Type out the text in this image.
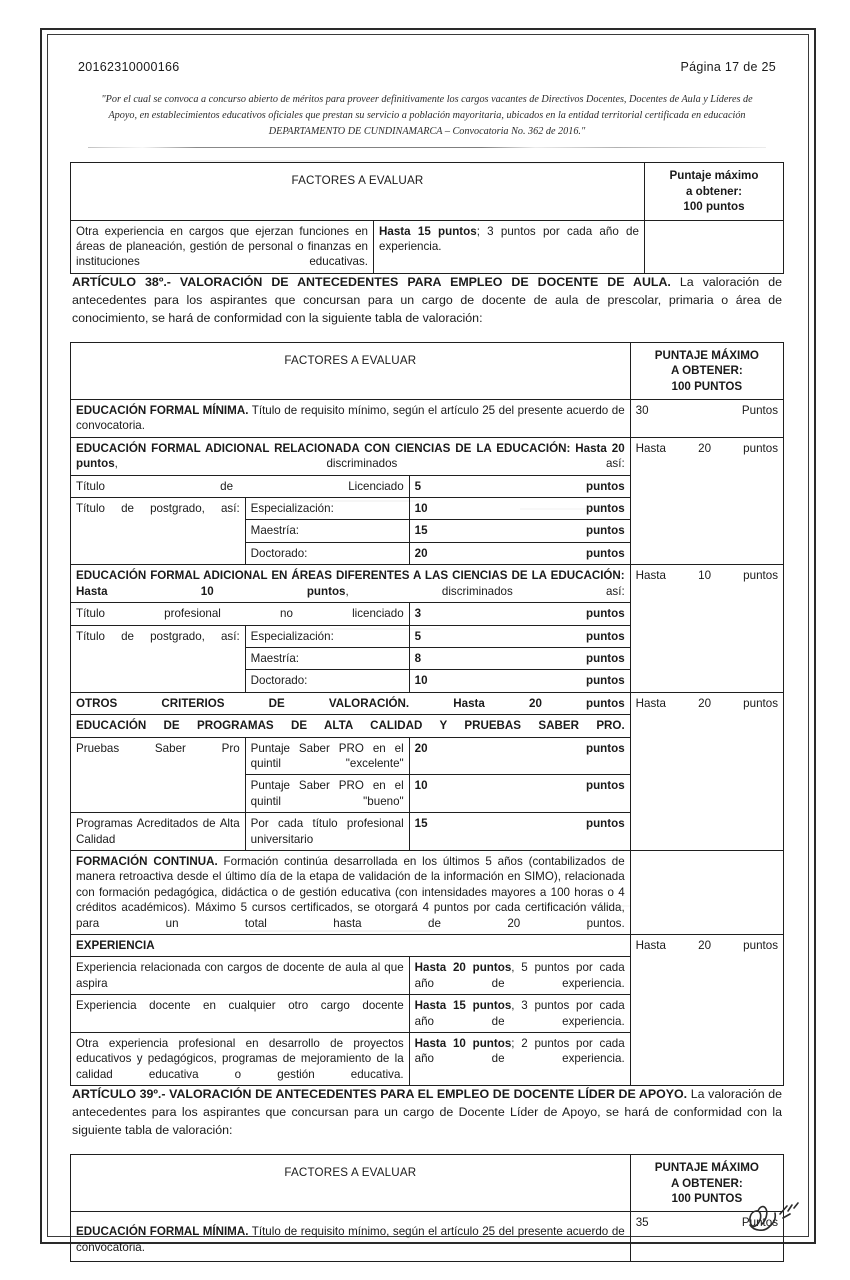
20162310000166	Página 17 de 25
"Por el cual se convoca a concurso abierto de méritos para proveer definitivamente los cargos vacantes de Directivos Docentes, Docentes de Aula y Líderes de Apoyo, en establecimientos educativos oficiales que prestan su servicio a población mayoritaria, ubicados en la entidad territorial certificada en educación DEPARTAMENTO DE CUNDINAMARCA – Convocatoria No. 362 de 2016."
FACTORES A EVALUAR		Puntaje máximo
a obtener:
100 puntos

Otra experiencia en cargos que ejerzan funciones en áreas de planeación, gestión de personal o finanzas en instituciones educativas.	Hasta 15 puntos; 3 puntos por cada año de experiencia.	

ARTÍCULO 38º.- VALORACIÓN DE ANTECEDENTES PARA EMPLEO DE DOCENTE DE AULA. La valoración de antecedentes para los aspirantes que concursan para un cargo de docente de aula de prescolar, primaria o área de conocimiento, se hará de conformidad con la siguiente tabla de valoración:

FACTORES A EVALUAR			PUNTAJE MÁXIMO
A OBTENER:
100 PUNTOS

EDUCACIÓN FORMAL MÍNIMA. Título de requisito mínimo, según el artículo 25 del presente acuerdo de convocatoria.			30 Puntos
EDUCACIÓN FORMAL ADICIONAL RELACIONADA CON CIENCIAS DE LA EDUCACIÓN: Hasta 20 puntos, discriminados así:			Hasta 20 puntos
Título de Licenciado		5 puntos	
Título de postgrado, así:	Especialización:	10 puntos	
	Maestría:	15 puntos	
	Doctorado:	20 puntos	
EDUCACIÓN FORMAL ADICIONAL EN ÁREAS DIFERENTES A LAS CIENCIAS DE LA EDUCACIÓN: Hasta 10 puntos, discriminados así:			Hasta 10 puntos
Título profesional no licenciado		3 puntos	
Título de postgrado, así:	Especialización:	5 puntos	
	Maestría:	8 puntos	
	Doctorado:	10 puntos	
OTROS CRITERIOS DE VALORACIÓN. Hasta 20 puntos			Hasta 20 puntos
EDUCACIÓN DE PROGRAMAS DE ALTA CALIDAD Y PRUEBAS SABER PRO.			
Pruebas Saber Pro	Puntaje Saber PRO en el quintil "excelente"	20 puntos	
	Puntaje Saber PRO en el quintil "bueno"	10 puntos	
Programas Acreditados de Alta Calidad	Por cada título profesional universitario	15 puntos	
FORMACIÓN CONTINUA. Formación continúa desarrollada en los últimos 5 años (contabilizados de manera retroactiva desde el último día de la etapa de validación de la información en SIMO), relacionada con formación pedagógica, didáctica o de gestión educativa (con intensidades mayores a 100 horas o 4 créditos académicos). Máximo 5 cursos certificados, se otorgará 4 puntos por cada certificación válida, para un total hasta de 20 puntos.			
EXPERIENCIA			Hasta 20 puntos
Experiencia relacionada con cargos de docente de aula al que aspira		Hasta 20 puntos, 5 puntos por cada año de experiencia.	
Experiencia docente en cualquier otro cargo docente		Hasta 15 puntos, 3 puntos por cada año de experiencia.	
Otra experiencia profesional en desarrollo de proyectos educativos y pedagógicos, programas de mejoramiento de la calidad educativa o gestión educativa.		Hasta 10 puntos; 2 puntos por cada año de experiencia.	

ARTÍCULO 39º.- VALORACIÓN DE ANTECEDENTES PARA EL EMPLEO DE DOCENTE LÍDER DE APOYO. La valoración de antecedentes para los aspirantes que concursan para un cargo de Docente Líder de Apoyo, se hará de conformidad con la siguiente tabla de valoración:

FACTORES A EVALUAR	PUNTAJE MÁXIMO
A OBTENER:
100 PUNTOS

EDUCACIÓN FORMAL MÍNIMA. Título de requisito mínimo, según el artículo 25 del presente acuerdo de convocatoria.	35 Puntos
